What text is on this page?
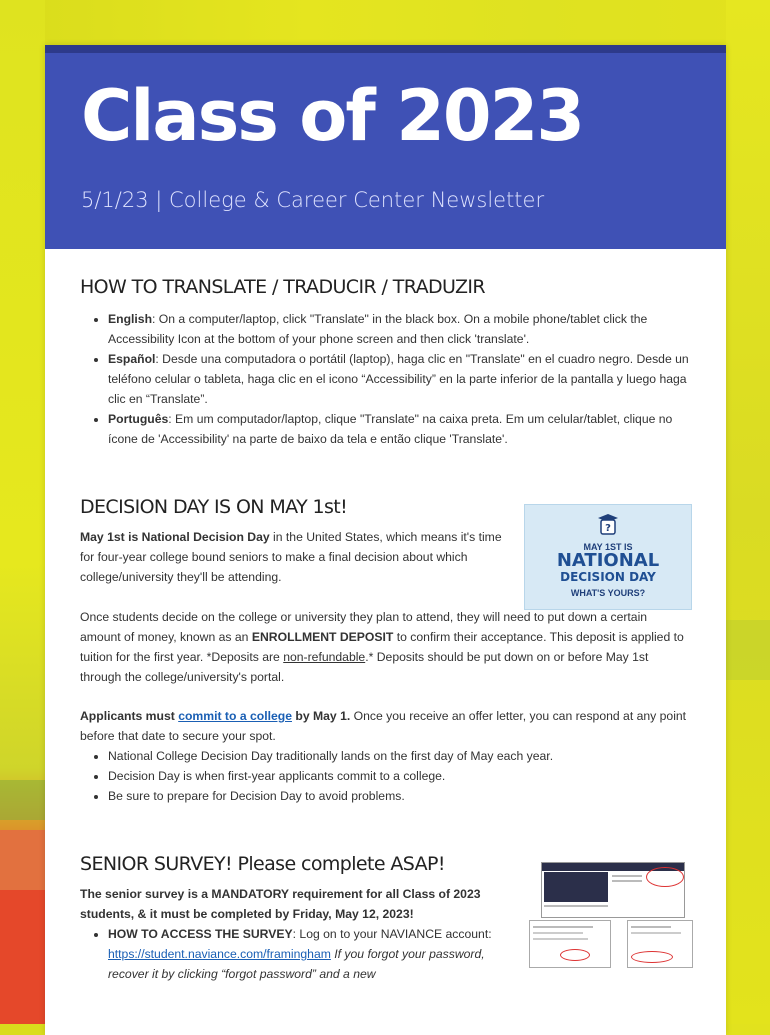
Class of 2023
5/1/23 | College & Career Center Newsletter
HOW TO TRANSLATE / TRADUCIR / TRADUZIR
• English: On a computer/laptop, click "Translate" in the black box. On a mobile phone/tablet click the Accessibility Icon at the bottom of your phone screen and then click 'translate'.
• Español: Desde una computadora o portátil (laptop), haga clic en "Translate" en el cuadro negro. Desde un teléfono celular o tableta, haga clic en el icono “Accessibility” en la parte inferior de la pantalla y luego haga clic en “Translate”.
• Português: Em um computador/laptop, clique "Translate" na caixa preta. Em um celular/tablet, clique no ícone de 'Accessibility' na parte de baixo da tela e então clique 'Translate'.
DECISION DAY IS ON MAY 1st!

May 1st is National Decision Day in the United States, which means it's time for four-year college bound seniors to make a final decision about which college/university they'll be attending.

Once students decide on the college or university they plan to attend, they will need to put down a certain amount of money, known as an ENROLLMENT DEPOSIT to confirm their acceptance. This deposit is applied to tuition for the first year. *Deposits are non-refundable.* Deposits should be put down on or before May 1st through the college/university's portal.

Applicants must commit to a college by May 1. Once you receive an offer letter, you can respond at any point before that date to secure your spot.

• National College Decision Day traditionally lands on the first day of May each year.
• Decision Day is when first-year applicants commit to a college.
• Be sure to prepare for Decision Day to avoid problems.
SENIOR SURVEY! Please complete ASAP!

The senior survey is a MANDATORY requirement for all Class of 2023 students, & it must be completed by Friday, May 12, 2023!

• HOW TO ACCESS THE SURVEY: Log on to your NAVIANCE account: https://student.naviance.com/framingham If you forgot your password, recover it by clicking “forgot password” and a new
?
MAY 1ST IS
NATIONAL
DECISION DAY
WHAT'S YOURS?
